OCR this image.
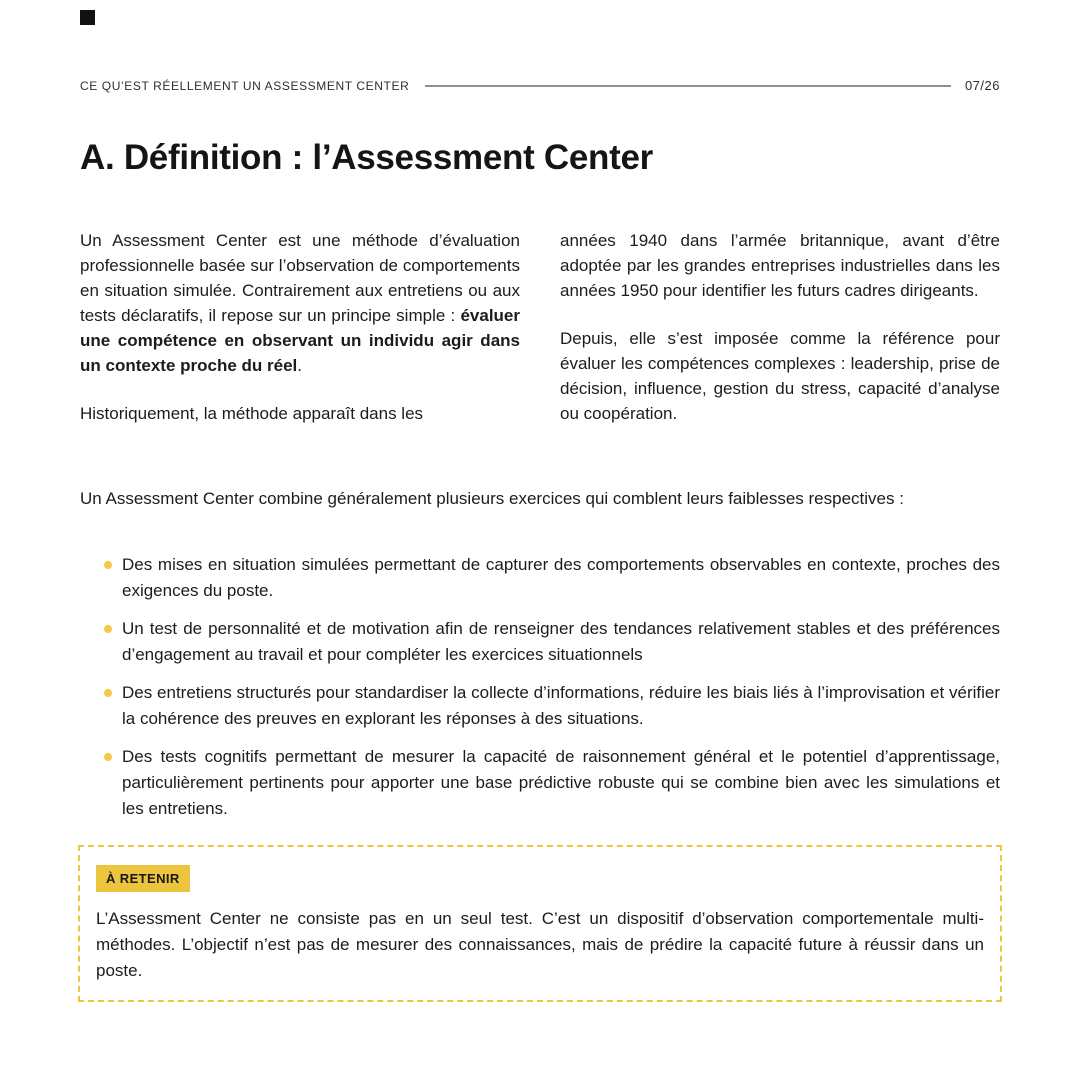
CE QU’EST RÉELLEMENT UN ASSESSMENT CENTER	07/26
A. Définition : l’Assessment Center

Un Assessment Center est une méthode d’évaluation professionnelle basée sur l’observation de comportements en situation simulée. Contrairement aux entretiens ou aux tests déclaratifs, il repose sur un principe simple : évaluer une compétence en observant un individu agir dans un contexte proche du réel.

Historiquement, la méthode apparaît dans les

années 1940 dans l’armée britannique, avant d’être adoptée par les grandes entreprises industrielles dans les années 1950 pour identifier les futurs cadres dirigeants.

Depuis, elle s’est imposée comme la référence pour évaluer les compétences complexes : leadership, prise de décision, influence, gestion du stress, capacité d’analyse ou coopération.

Un Assessment Center combine généralement plusieurs exercices qui comblent leurs faiblesses respectives :

Des mises en situation simulées permettant de capturer des comportements observables en contexte, proches des exigences du poste.
Un test de personnalité et de motivation afin de renseigner des tendances relativement stables et des préférences d’engagement au travail et pour compléter les exercices situationnels
Des entretiens structurés pour standardiser la collecte d’informations, réduire les biais liés à l’improvisation et vérifier la cohérence des preuves en explorant les réponses à des situations.
Des tests cognitifs permettant de mesurer la capacité de raisonnement général et le potentiel d’apprentissage, particulièrement pertinents pour apporter une base prédictive robuste qui se combine bien avec les simulations et les entretiens.
À RETENIR

L’Assessment Center ne consiste pas en un seul test. C’est un dispositif d’observation comportementale multi-méthodes. L’objectif n’est pas de mesurer des connaissances, mais de prédire la capacité future à réussir dans un poste.
